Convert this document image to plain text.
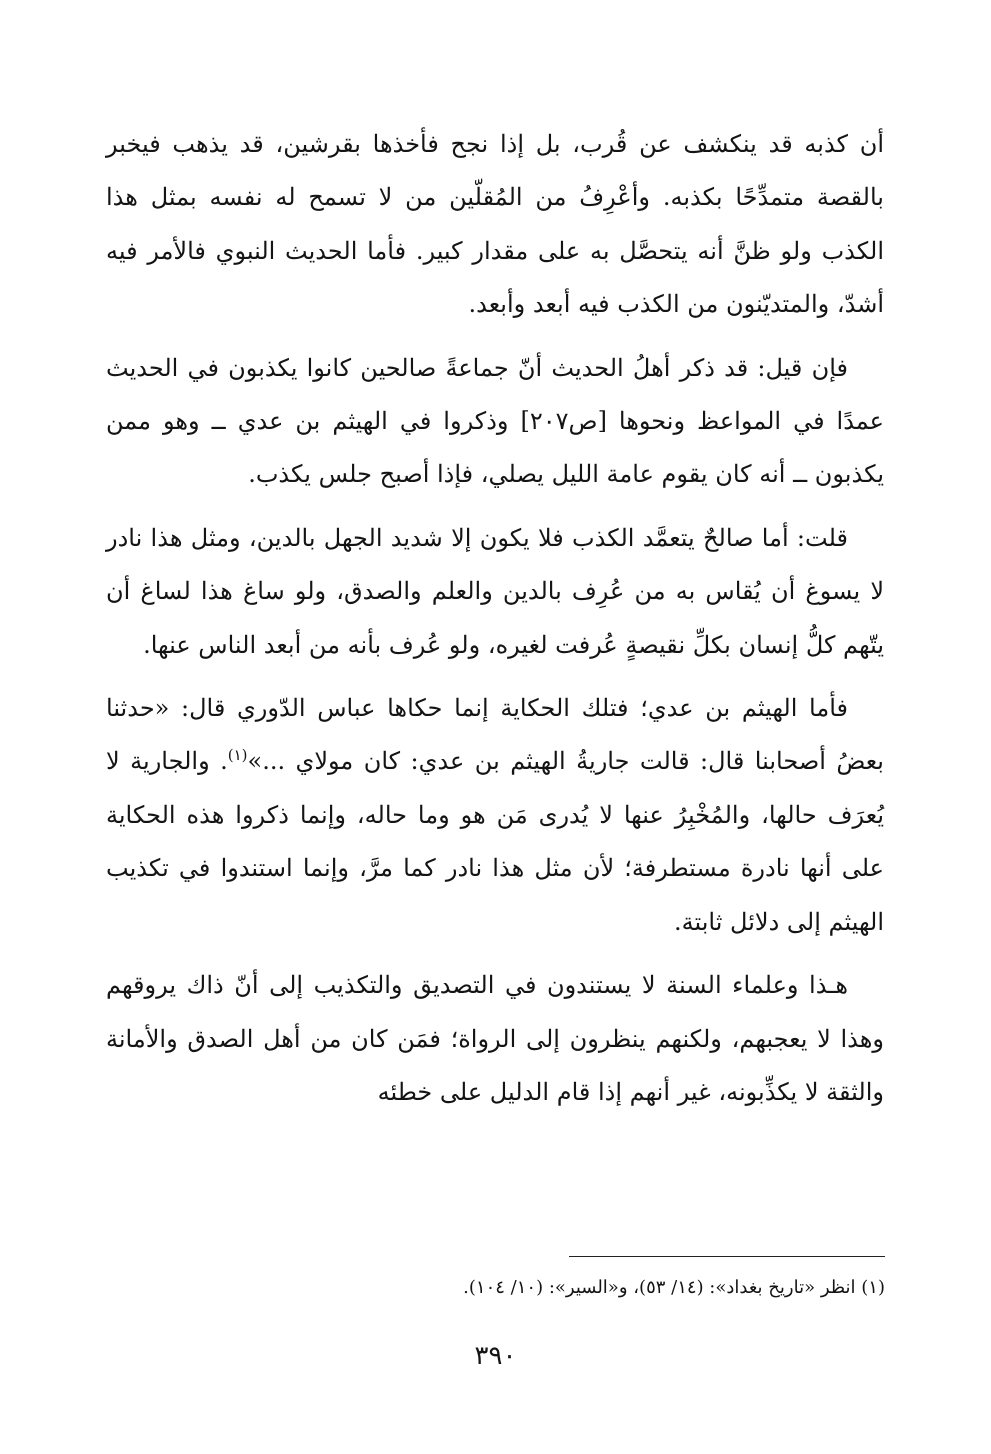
أن كذبه قد ينكشف عن قُرب، بل إذا نجح فأخذها بقرشين، قد يذهب فيخبر بالقصة متمدِّحًا بكذبه. وأعْرِفُ من المُقلّين من لا تسمح له نفسه بمثل هذا الكذب ولو ظنَّ أنه يتحصَّل به على مقدار كبير. فأما الحديث النبوي فالأمر فيه أشدّ، والمتديّنون من الكذب فيه أبعد وأبعد.

فإن قيل: قد ذكر أهلُ الحديث أنّ جماعةً صالحين كانوا يكذبون في الحديث عمدًا في المواعظ ونحوها [ص٢٠٧] وذكروا في الهيثم بن عدي ــ وهو ممن يكذبون ــ أنه كان يقوم عامة الليل يصلي، فإذا أصبح جلس يكذب.

قلت: أما صالحٌ يتعمَّد الكذب فلا يكون إلا شديد الجهل بالدين، ومثل هذا نادر لا يسوغ أن يُقاس به من عُرِف بالدين والعلم والصدق، ولو ساغ هذا لساغ أن يتّهم كلُّ إنسان بكلِّ نقيصةٍ عُرفت لغيره، ولو عُرف بأنه من أبعد الناس عنها.

فأما الهيثم بن عدي؛ فتلك الحكاية إنما حكاها عباس الدّوري قال: «حدثنا بعضُ أصحابنا قال: قالت جاريةُ الهيثم بن عدي: كان مولاي ...»$^{(١)}$. والجارية لا يُعرَف حالها، والمُخْبِرُ عنها لا يُدرى مَن هو وما حاله، وإنما ذكروا هذه الحكاية على أنها نادرة مستطرفة؛ لأن مثل هذا نادر كما مرَّ، وإنما استندوا في تكذيب الهيثم إلى دلائل ثابتة.

هـذا وعلماء السنة لا يستندون في التصديق والتكذيب إلى أنّ ذاك يروقهم وهذا لا يعجبهم، ولكنهم ينظرون إلى الرواة؛ فمَن كان من أهل الصدق والأمانة والثقة لا يكذِّبونه، غير أنهم إذا قام الدليل على خطئه

(١) انظر «تاريخ بغداد»: (١٤/ ٥٣)، و«السير»: (١٠/ ١٠٤).
٣٩٠
